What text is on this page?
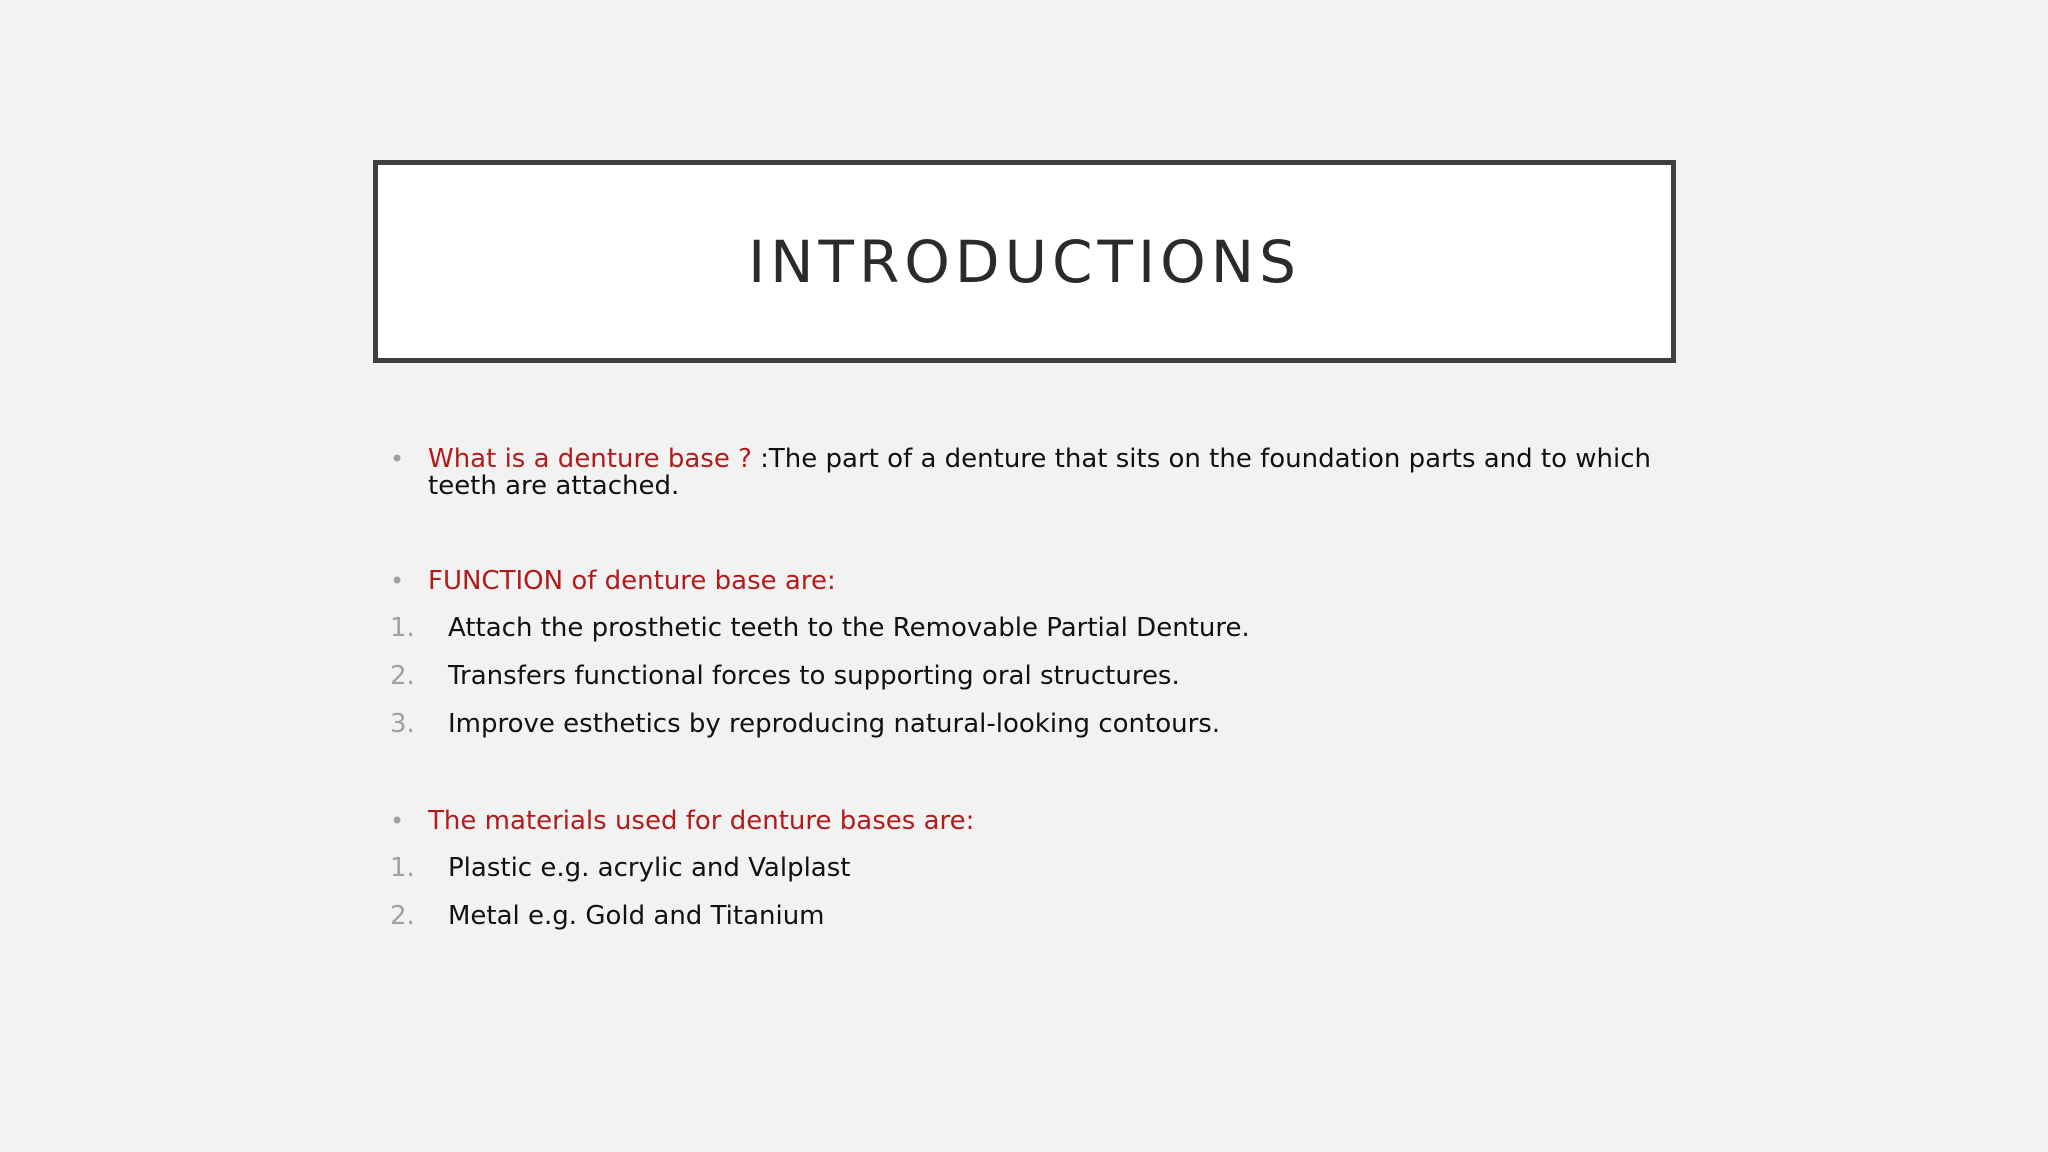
INTRODUCTIONS
• What is a denture base ? :The part of a denture that sits on the foundation parts and to which teeth are attached.
• FUNCTION of denture base are:
1. Attach the prosthetic teeth to the Removable Partial Denture.
2. Transfers functional forces to supporting oral structures.
3. Improve esthetics by reproducing natural-looking contours.
• The materials used for denture bases are:
1. Plastic e.g. acrylic and Valplast
2. Metal e.g. Gold and Titanium
